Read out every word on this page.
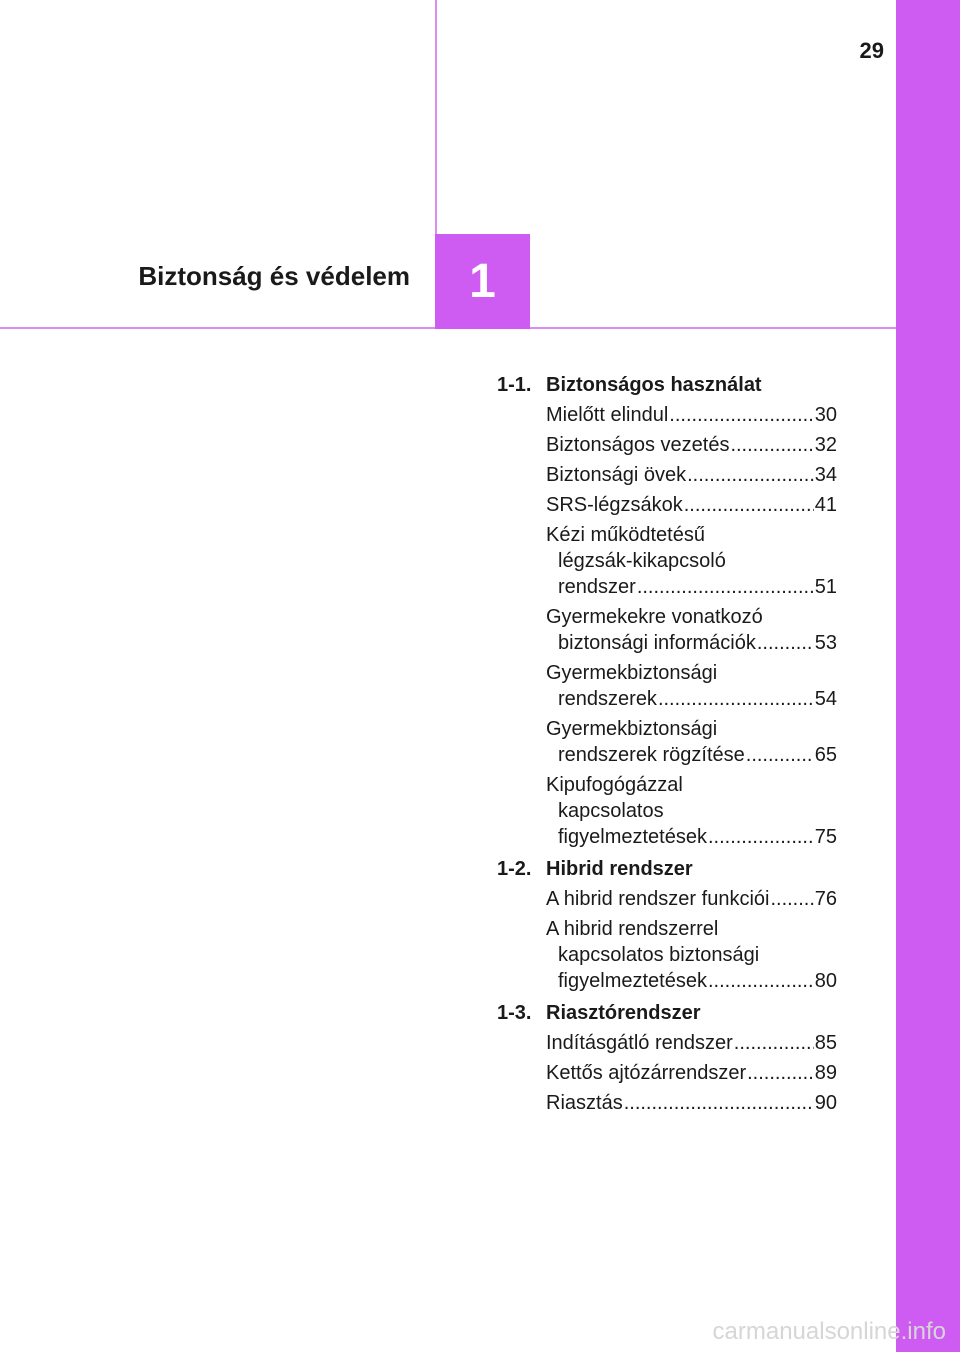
29
1
Biztonság és védelem
1-1. Biztonságos használat
Mielőtt elindul .....	30
Biztonságos vezetés .....	32
Biztonsági övek .....	34
SRS-légzsákok .....	41
Kézi működtetésű
légzsák-kikapcsoló
rendszer .....	51
Gyermekekre vonatkozó
biztonsági információk .....	53
Gyermekbiztonsági
rendszerek .....	54
Gyermekbiztonsági
rendszerek rögzítése .....	65
Kipufogógázzal
kapcsolatos
figyelmeztetések .....	75
1-2. Hibrid rendszer
A hibrid rendszer funkciói ..... 76
A hibrid rendszerrel
kapcsolatos biztonsági
figyelmeztetések .....	80
1-3. Riasztórendszer
Indításgátló rendszer .....	85
Kettős ajtózárrendszer .....	89
Riasztás .....	90
carmanualsonline.info
